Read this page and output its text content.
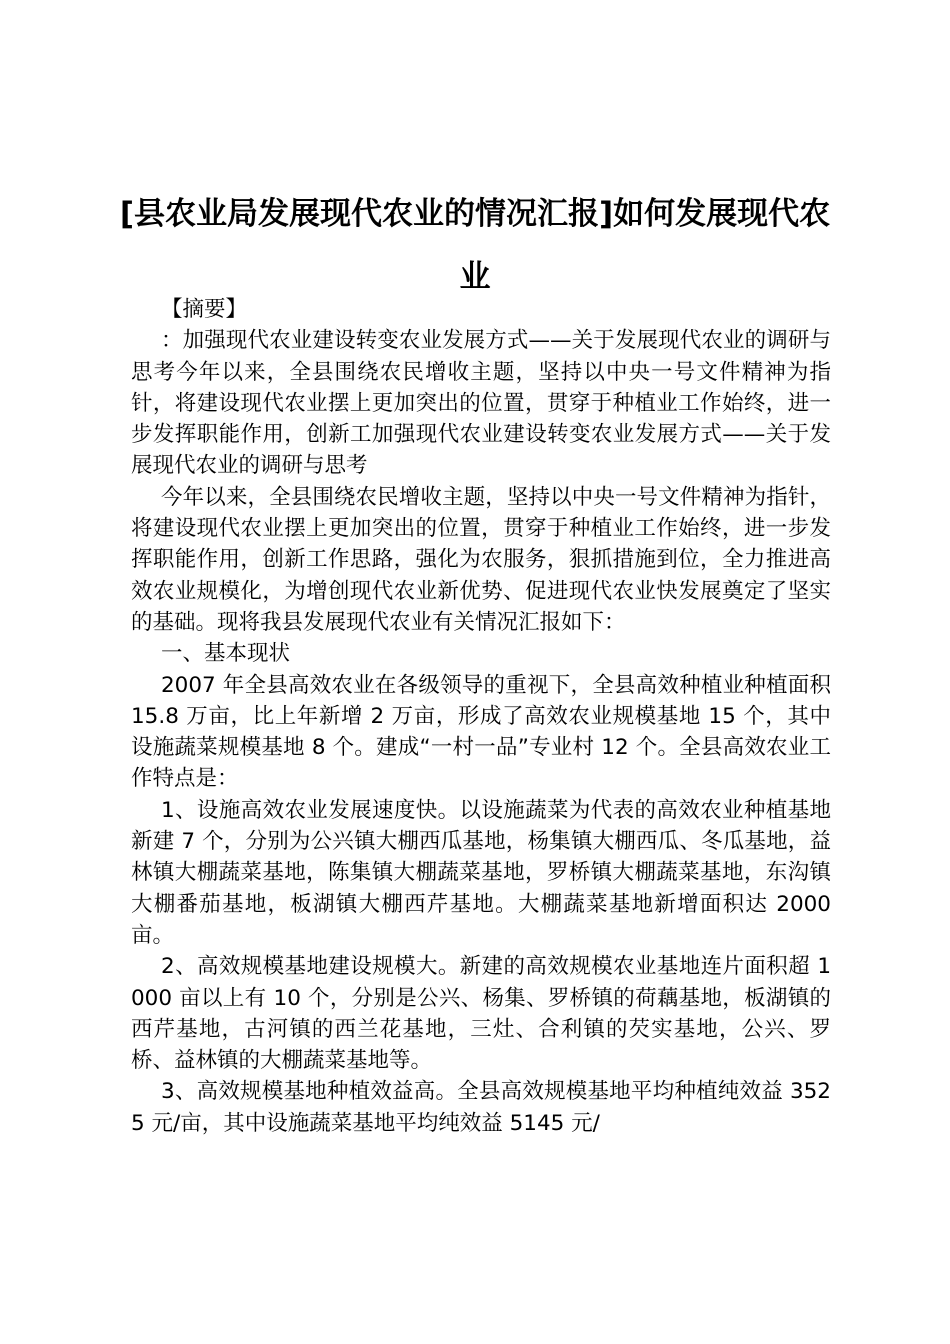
[县农业局发展现代农业的情况汇报]如何发展现代农业

【摘要】

：加强现代农业建设转变农业发展方式——关于发展现代农业的调研与思考今年以来，全县围绕农民增收主题，坚持以中央一号文件精神为指针，将建设现代农业摆上更加突出的位置，贯穿于种植业工作始终，进一步发挥职能作用，创新工加强现代农业建设转变农业发展方式——关于发展现代农业的调研与思考

今年以来，全县围绕农民增收主题，坚持以中央一号文件精神为指针，将建设现代农业摆上更加突出的位置，贯穿于种植业工作始终，进一步发挥职能作用，创新工作思路，强化为农服务，狠抓措施到位，全力推进高效农业规模化，为增创现代农业新优势、促进现代农业快发展奠定了坚实的基础。现将我县发展现代农业有关情况汇报如下：

一、基本现状

2007 年全县高效农业在各级领导的重视下，全县高效种植业种植面积 15.8 万亩，比上年新增 2 万亩，形成了高效农业规模基地 15 个，其中设施蔬菜规模基地 8 个。建成“一村一品”专业村 12 个。全县高效农业工作特点是：

1、设施高效农业发展速度快。以设施蔬菜为代表的高效农业种植基地新建 7 个，分别为公兴镇大棚西瓜基地，杨集镇大棚西瓜、冬瓜基地，益林镇大棚蔬菜基地，陈集镇大棚蔬菜基地，罗桥镇大棚蔬菜基地，东沟镇大棚番茄基地，板湖镇大棚西芹基地。大棚蔬菜基地新增面积达 2000 亩。

2、高效规模基地建设规模大。新建的高效规模农业基地连片面积超 1000 亩以上有 10 个，分别是公兴、杨集、罗桥镇的荷藕基地，板湖镇的西芹基地，古河镇的西兰花基地，三灶、合利镇的芡实基地，公兴、罗桥、益林镇的大棚蔬菜基地等。

3、高效规模基地种植效益高。全县高效规模基地平均种植纯效益 3525 元/亩，其中设施蔬菜基地平均纯效益 5145 元/
